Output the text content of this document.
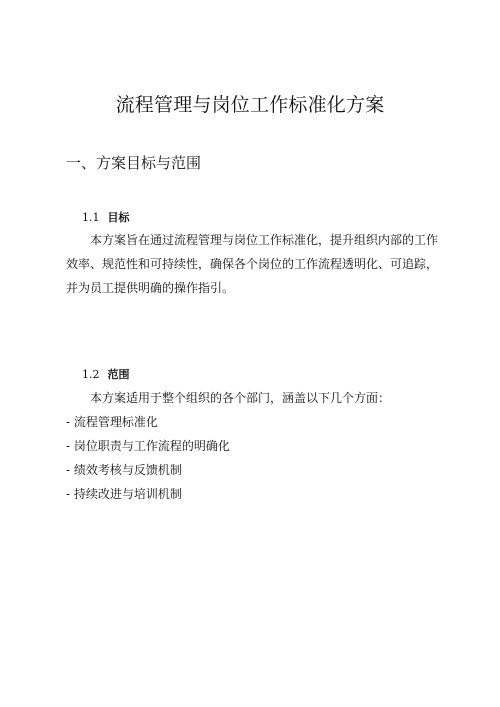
流程管理与岗位工作标准化方案
一、方案目标与范围
1.1 目标

本方案旨在通过流程管理与岗位工作标准化，提升组织内部的工作效率、规范性和可持续性，确保各个岗位的工作流程透明化、可追踪，并为员工提供明确的操作指引。

1.2 范围

本方案适用于整个组织的各个部门，涵盖以下几个方面：

- 流程管理标准化
- 岗位职责与工作流程的明确化
- 绩效考核与反馈机制
- 持续改进与培训机制
